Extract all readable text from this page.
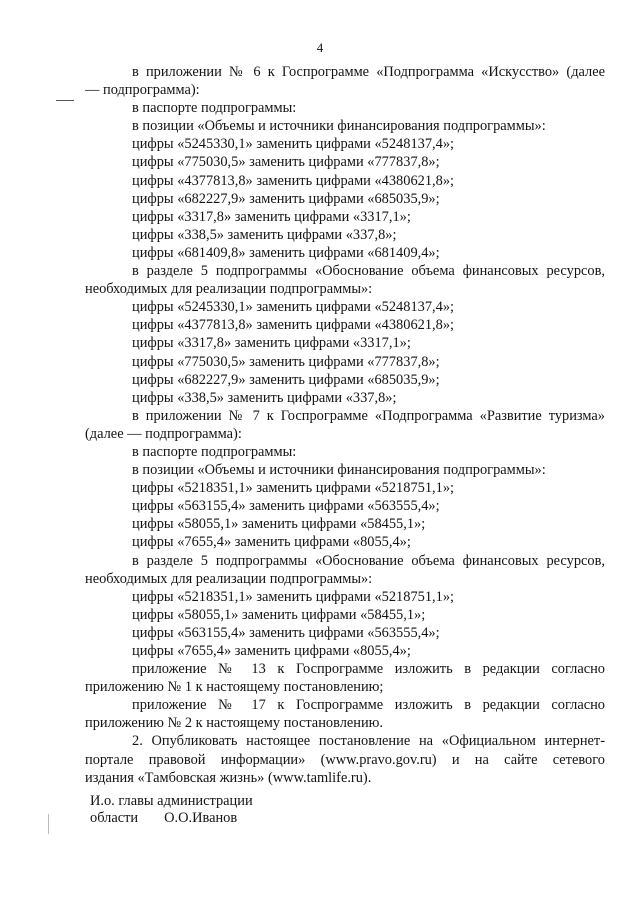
4
в приложении № 6 к Госпрограмме «Подпрограмма «Искусство» (далее
— подпрограмма):
в паспорте подпрограммы:
в позиции «Объемы и источники финансирования подпрограммы»:
цифры «5245330,1» заменить цифрами «5248137,4»;
цифры «775030,5» заменить цифрами «777837,8»;
цифры «4377813,8» заменить цифрами «4380621,8»;
цифры «682227,9» заменить цифрами «685035,9»;
цифры «3317,8» заменить цифрами «3317,1»;
цифры «338,5» заменить цифрами «337,8»;
цифры «681409,8» заменить цифрами «681409,4»;
в разделе 5 подпрограммы «Обоснование объема финансовых ресурсов,
необходимых для реализации подпрограммы»:
цифры «5245330,1» заменить цифрами «5248137,4»;
цифры «4377813,8» заменить цифрами «4380621,8»;
цифры «3317,8» заменить цифрами «3317,1»;
цифры «775030,5» заменить цифрами «777837,8»;
цифры «682227,9» заменить цифрами «685035,9»;
цифры «338,5» заменить цифрами «337,8»;
в приложении № 7 к Госпрограмме «Подпрограмма «Развитие туризма»
(далее — подпрограмма):
в паспорте подпрограммы:
в позиции «Объемы и источники финансирования подпрограммы»:
цифры «5218351,1» заменить цифрами «5218751,1»;
цифры «563155,4» заменить цифрами «563555,4»;
цифры «58055,1» заменить цифрами «58455,1»;
цифры «7655,4» заменить цифрами «8055,4»;
в разделе 5 подпрограммы «Обоснование объема финансовых ресурсов,
необходимых для реализации подпрограммы»:
цифры «5218351,1» заменить цифрами «5218751,1»;
цифры «58055,1» заменить цифрами «58455,1»;
цифры «563155,4» заменить цифрами «563555,4»;
цифры «7655,4» заменить цифрами «8055,4»;
приложение № 13 к Госпрограмме изложить в редакции согласно
приложению № 1 к настоящему постановлению;
приложение № 17 к Госпрограмме изложить в редакции согласно
приложению № 2 к настоящему постановлению.
2. Опубликовать настоящее постановление на «Официальном интернет-
портале правовой информации» (www.pravo.gov.ru) и на сайте сетевого
издания «Тамбовская жизнь» (www.tamlife.ru).
И.о. главы администрации
области О.О.Иванов
